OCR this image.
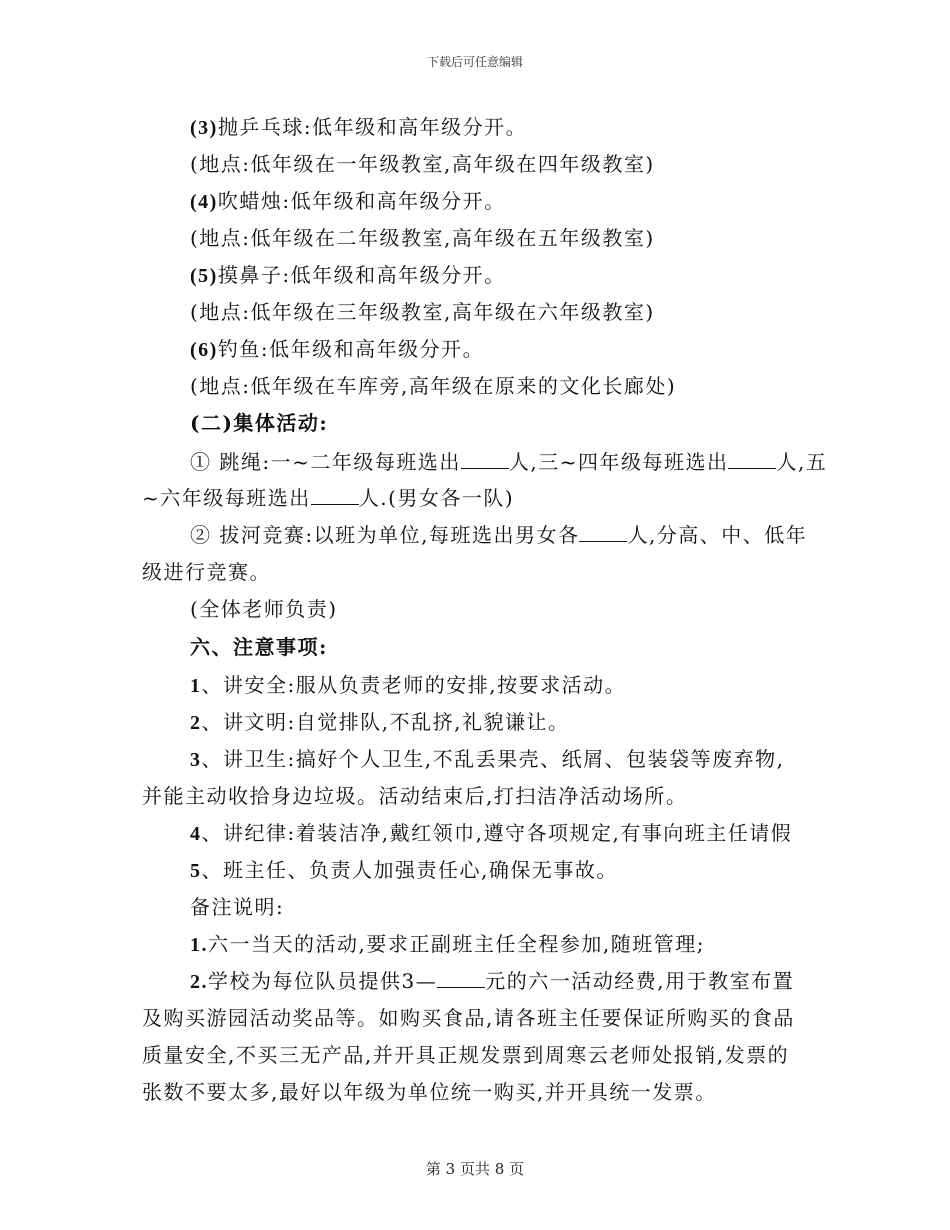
下载后可任意编辑
(3)抛乒乓球:低年级和高年级分开。
(地点:低年级在一年级教室,高年级在四年级教室)
(4)吹蜡烛:低年级和高年级分开。
(地点:低年级在二年级教室,高年级在五年级教室)
(5)摸鼻子:低年级和高年级分开。
(地点:低年级在三年级教室,高年级在六年级教室)
(6)钓鱼:低年级和高年级分开。
(地点:低年级在车库旁,高年级在原来的文化长廊处)
(二)集体活动:
① 跳绳:一~二年级每班选出 人,三~四年级每班选出 人,五
~六年级每班选出 人.(男女各一队)
② 拔河竞赛:以班为单位,每班选出男女各 人,分高、中、低年
级进行竞赛。
(全体老师负责)
六、注意事项:
1、讲安全:服从负责老师的安排,按要求活动。
2、讲文明:自觉排队,不乱挤,礼貌谦让。
3、讲卫生:搞好个人卫生,不乱丢果壳、纸屑、包装袋等废弃物,
并能主动收拾身边垃圾。活动结束后,打扫洁净活动场所。
4、讲纪律:着装洁净,戴红领巾,遵守各项规定,有事向班主任请假
5、班主任、负责人加强责任心,确保无事故。
备注说明:
1.六一当天的活动,要求正副班主任全程参加,随班管理;
2.学校为每位队员提供3— 元的六一活动经费,用于教室布置
及购买游园活动奖品等。如购买食品,请各班主任要保证所购买的食品
质量安全,不买三无产品,并开具正规发票到周寒云老师处报销,发票的
张数不要太多,最好以年级为单位统一购买,并开具统一发票。
第 3 页共 8 页
